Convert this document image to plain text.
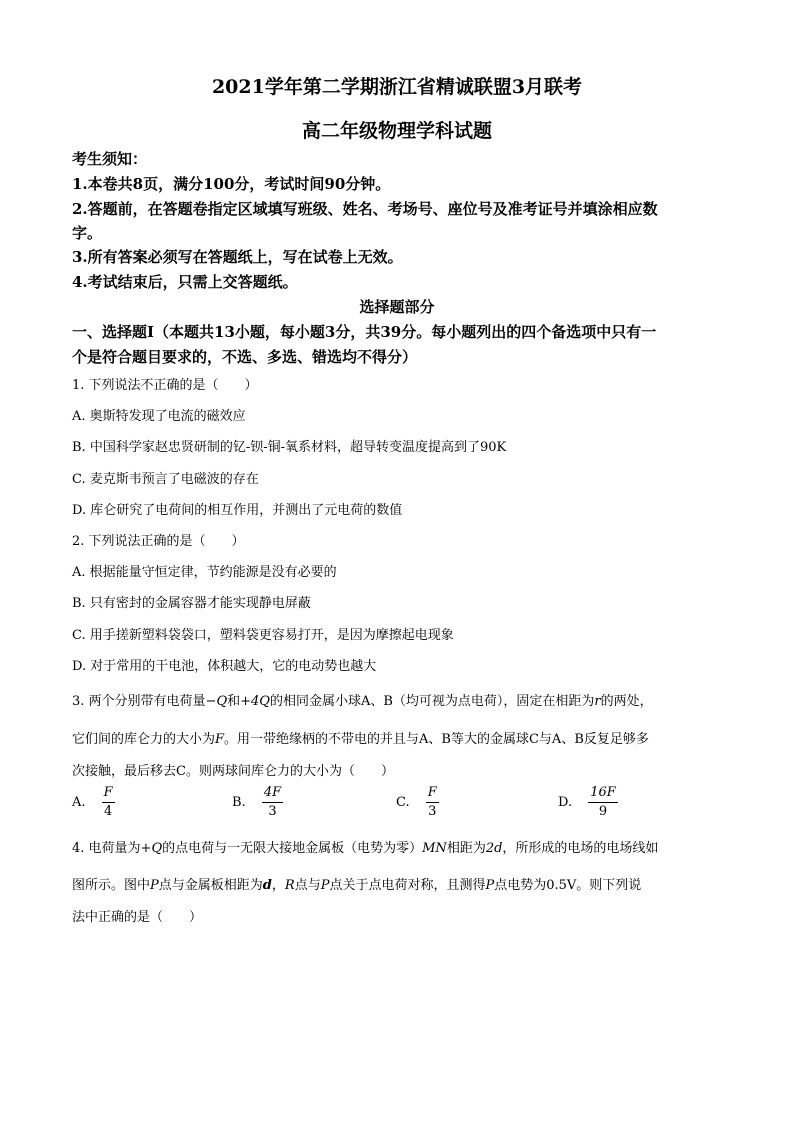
2021学年第二学期浙江省精诚联盟3月联考
高二年级物理学科试题
考生须知：
1.本卷共8页，满分100分，考试时间90分钟。
2.答题前，在答题卷指定区域填写班级、姓名、考场号、座位号及准考证号并填涂相应数
字。
3.所有答案必须写在答题纸上，写在试卷上无效。
4.考试结束后，只需上交答题纸。
选择题部分
一、选择题Ⅰ（本题共13小题，每小题3分，共39分。每小题列出的四个备选项中只有一
个是符合题目要求的，不选、多选、错选均不得分）
1. 下列说法不正确的是（　　）
A. 奥斯特发现了电流的磁效应
B. 中国科学家赵忠贤研制的钇-钡-铜-氧系材料，超导转变温度提高到了90K
C. 麦克斯韦预言了电磁波的存在
D. 库仑研究了电荷间的相互作用，并测出了元电荷的数值
2. 下列说法正确的是（　　）
A. 根据能量守恒定律，节约能源是没有必要的
B. 只有密封的金属容器才能实现静电屏蔽
C. 用手搓新塑料袋袋口，塑料袋更容易打开，是因为摩擦起电现象
D. 对于常用的干电池，体积越大，它的电动势也越大
3. 两个分别带有电荷量−Q和+4Q的相同金属小球A、B（均可视为点电荷），固定在相距为r的两处，
它们间的库仑力的大小为F。用一带绝缘柄的不带电的并且与A、B等大的金属球C与A、B反复足够多
次接触，最后移去C。则两球间库仑力的大小为（　　）
A. $\frac{F}{4}$	B. $\frac{4F}{3}$	C. $\frac{F}{3}$	D. $\frac{16F}{9}$
4. 电荷量为+Q的点电荷与一无限大接地金属板（电势为零）MN相距为2d，所形成的电场的电场线如
图所示。图中P点与金属板相距为d，R点与P点关于点电荷对称，且测得P点电势为0.5V。则下列说
法中正确的是（　　）
